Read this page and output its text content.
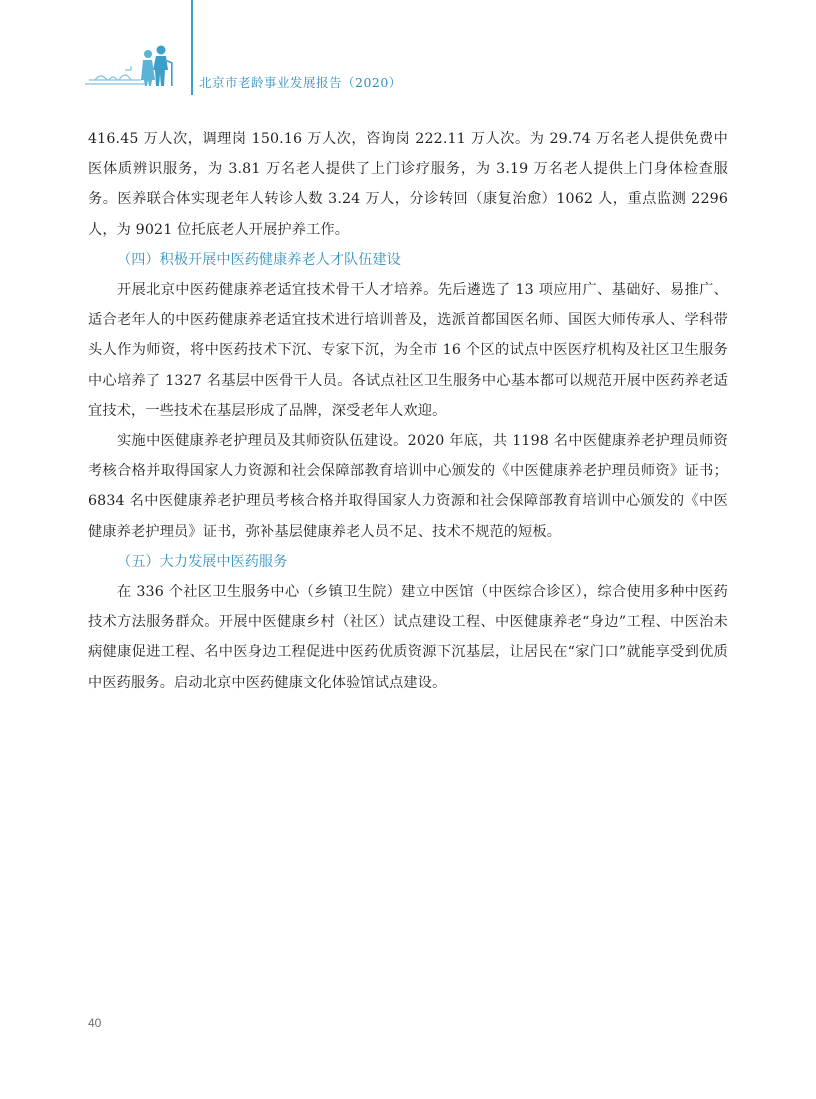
北京市老龄事业发展报告（2020）

416.45 万人次，调理岗 150.16 万人次，咨询岗 222.11 万人次。为 29.74 万名老人提供免费中医体质辨识服务，为 3.81 万名老人提供了上门诊疗服务，为 3.19 万名老人提供上门身体检查服务。医养联合体实现老年人转诊人数 3.24 万人，分诊转回（康复治愈）1062 人，重点监测 2296 人，为 9021 位托底老人开展护养工作。

（四）积极开展中医药健康养老人才队伍建设

开展北京中医药健康养老适宜技术骨干人才培养。先后遴选了 13 项应用广、基础好、易推广、适合老年人的中医药健康养老适宜技术进行培训普及，选派首都国医名师、国医大师传承人、学科带头人作为师资，将中医药技术下沉、专家下沉，为全市 16 个区的试点中医医疗机构及社区卫生服务中心培养了 1327 名基层中医骨干人员。各试点社区卫生服务中心基本都可以规范开展中医药养老适宜技术，一些技术在基层形成了品牌，深受老年人欢迎。

实施中医健康养老护理员及其师资队伍建设。2020 年底，共 1198 名中医健康养老护理员师资考核合格并取得国家人力资源和社会保障部教育培训中心颁发的《中医健康养老护理员师资》证书；6834 名中医健康养老护理员考核合格并取得国家人力资源和社会保障部教育培训中心颁发的《中医健康养老护理员》证书，弥补基层健康养老人员不足、技术不规范的短板。

（五）大力发展中医药服务

在 336 个社区卫生服务中心（乡镇卫生院）建立中医馆（中医综合诊区），综合使用多种中医药技术方法服务群众。开展中医健康乡村（社区）试点建设工程、中医健康养老“身边”工程、中医治未病健康促进工程、名中医身边工程促进中医药优质资源下沉基层，让居民在“家门口”就能享受到优质中医药服务。启动北京中医药健康文化体验馆试点建设。

40
